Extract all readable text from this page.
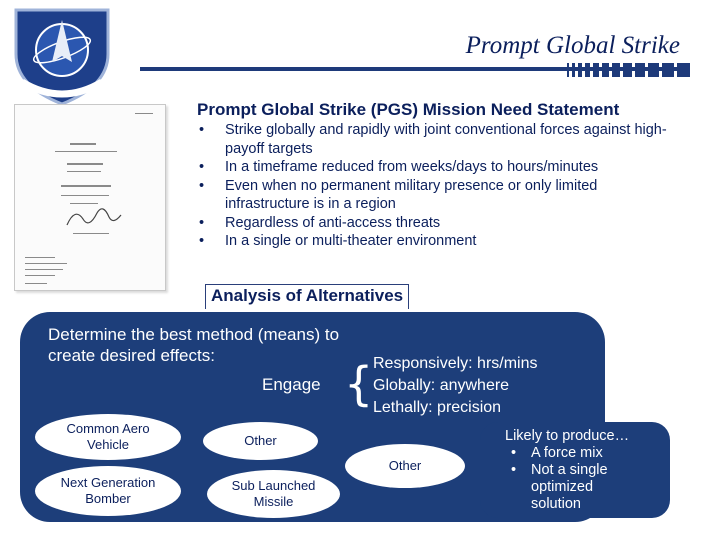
Prompt Global Strike
Prompt Global Strike (PGS) Mission Need Statement
• Strike globally and rapidly with joint conventional forces against high-payoff targets
• In a timeframe reduced from weeks/days to hours/minutes
• Even when no permanent military presence or only limited infrastructure is in a region
• Regardless of anti-access threats
• In a single or multi-theater environment
Analysis of Alternatives
Determine the best method (means) to create desired effects:
Engage { Responsively: hrs/mins
Globally: anywhere
Lethally: precision
Common Aero Vehicle
Next Generation Bomber
Other
Sub Launched Missile
Other
Likely to produce…
• A force mix
• Not a single optimized solution
